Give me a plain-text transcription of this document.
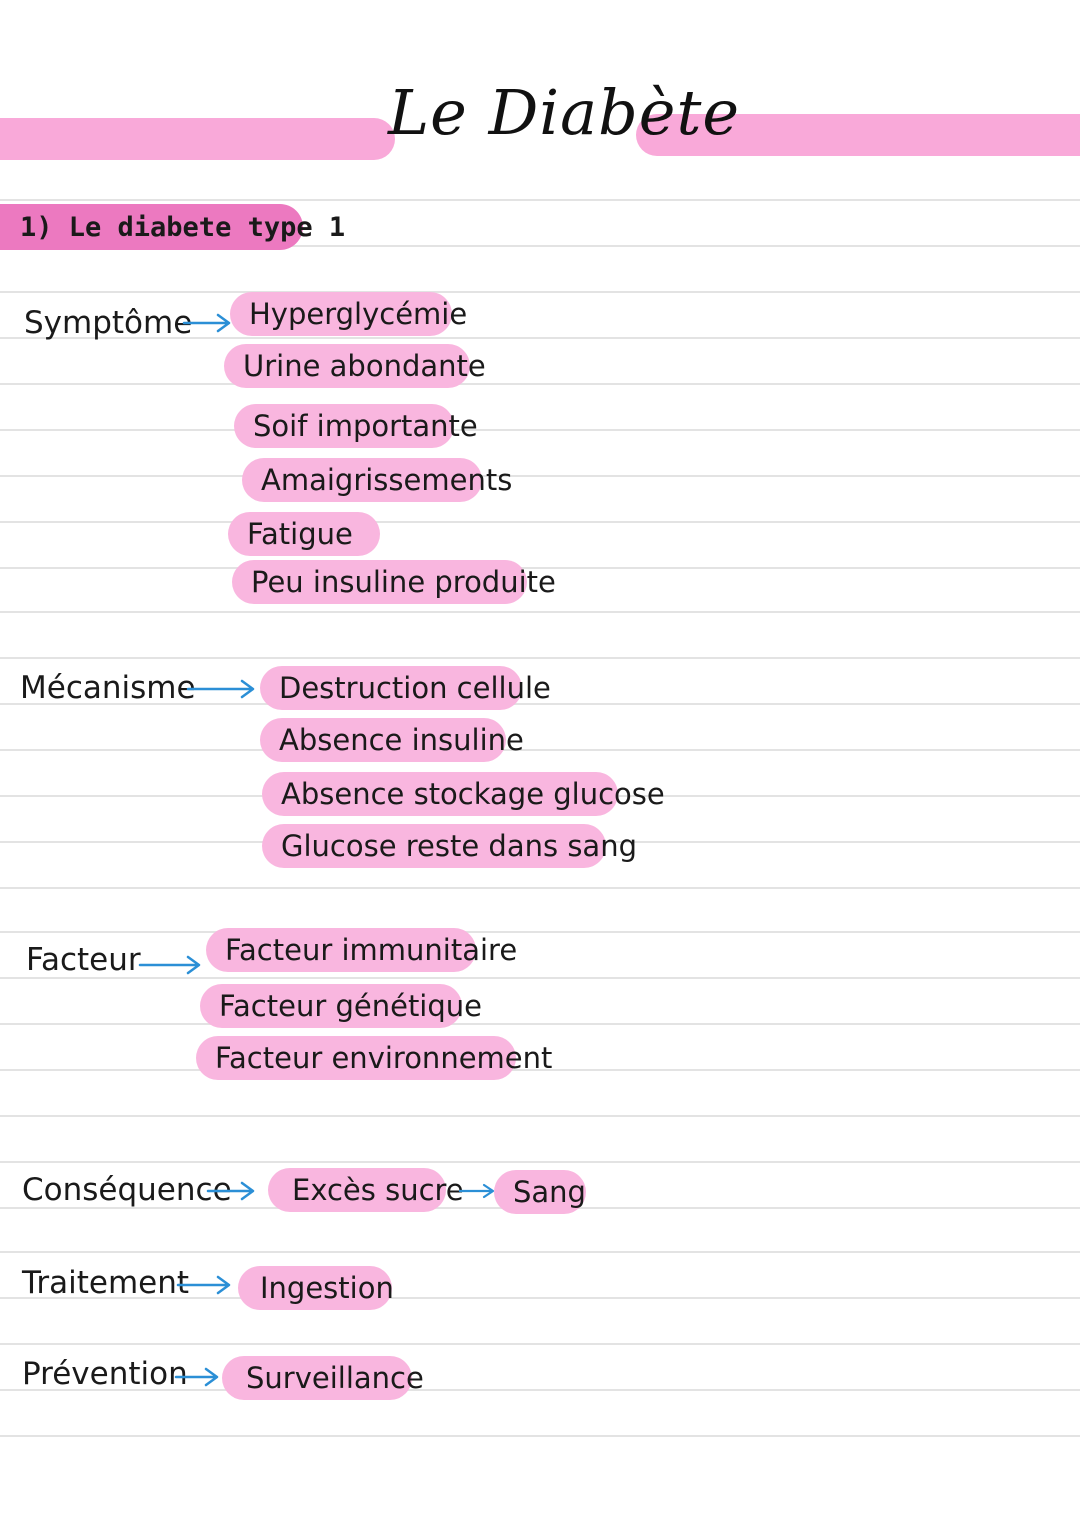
Le Diabète
1) Le diabete type 1
Symptôme	Hyperglycémie
Urine abondante
Soif importante
Amaigrissements
Fatigue
Peu insuline produite
Mécanisme	Destruction cellule
Absence insuline
Absence stockage glucose
Glucose reste dans sang
Facteur	Facteur immunitaire
Facteur génétique
Facteur environnement
Conséquence	Excès sucre	Sang
Traitement	Ingestion
Prévention	Surveillance
